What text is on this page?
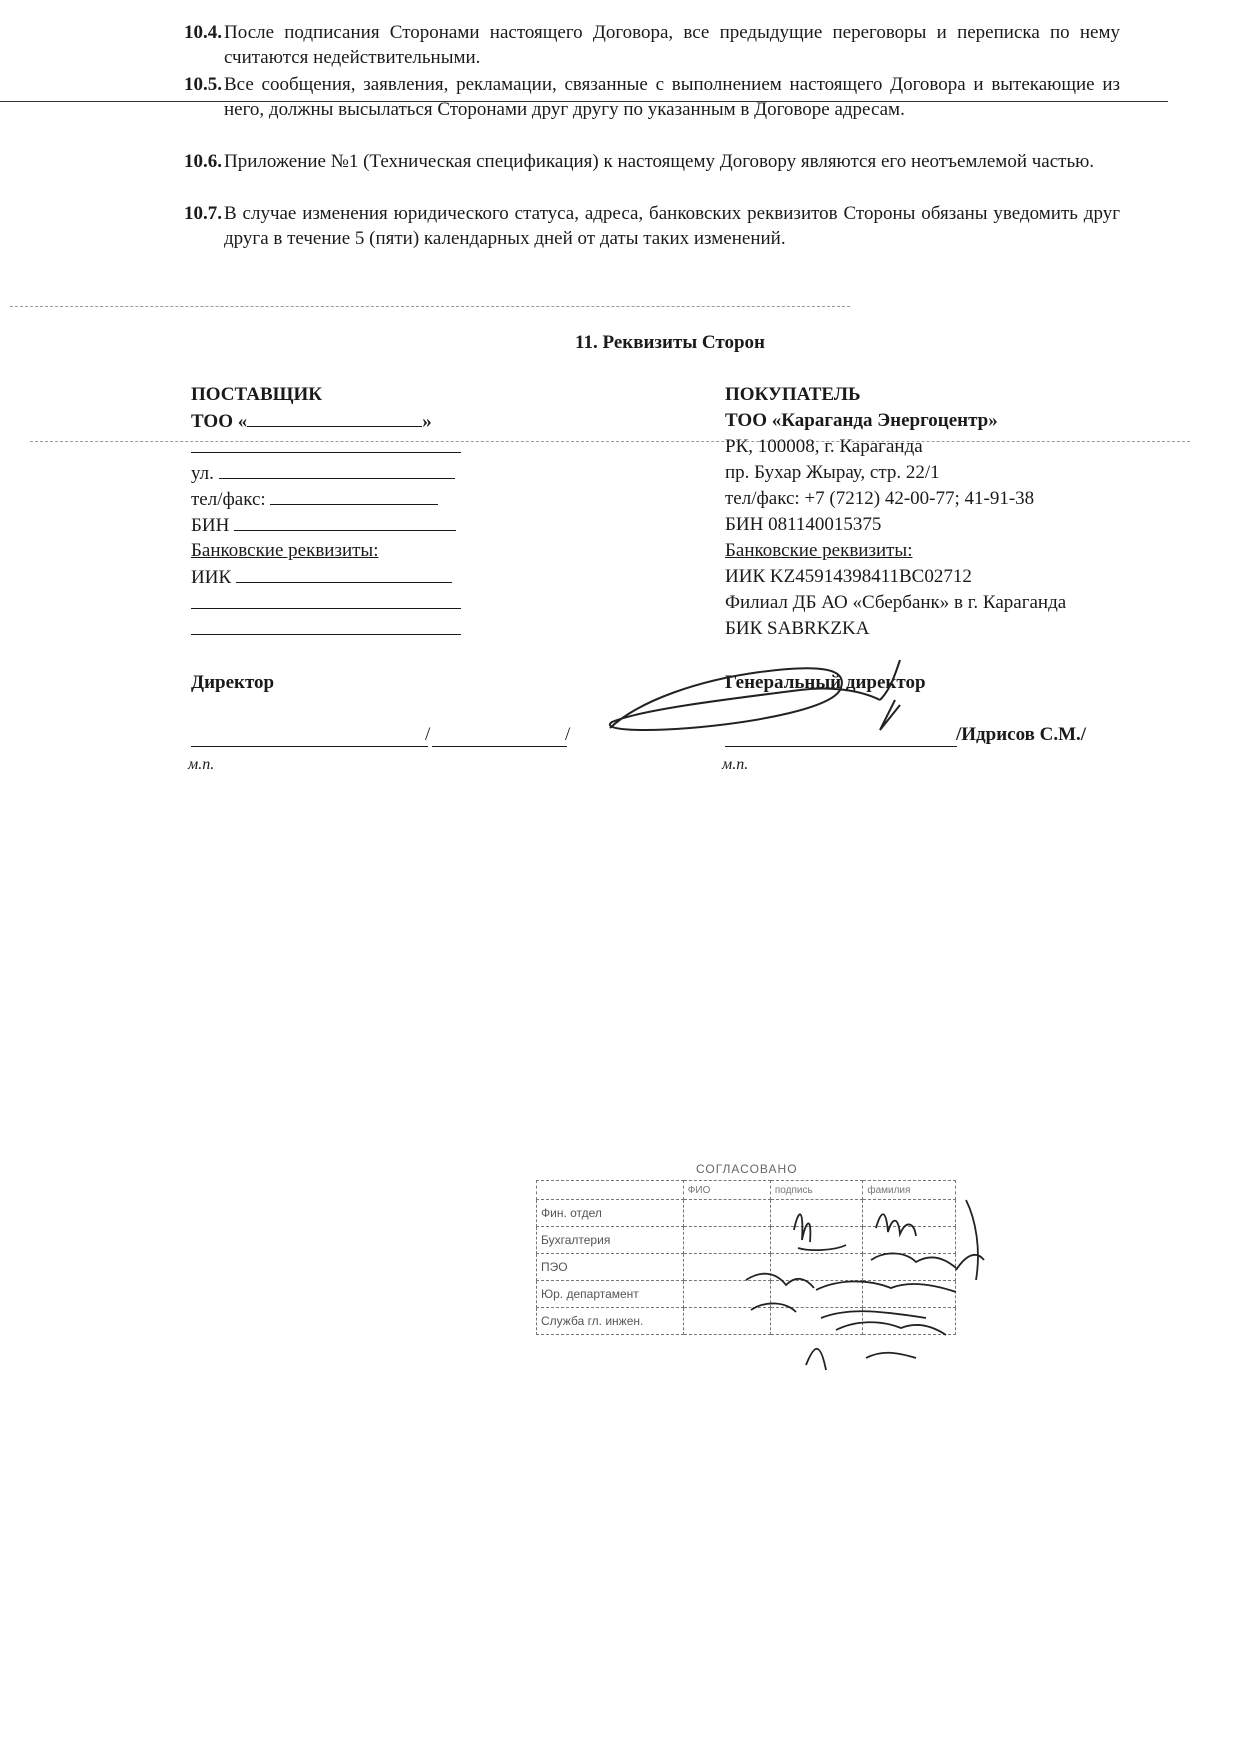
10.4. После подписания Сторонами настоящего Договора, все предыдущие переговоры и переписка по нему считаются недействительными.
10.5. Все сообщения, заявления, рекламации, связанные с выполнением настоящего Договора и вытекающие из него, должны высылаться Сторонами друг другу по указанным в Договоре адресам.
10.6. Приложение №1 (Техническая спецификация) к настоящему Договору являются его неотъемлемой частью.
10.7. В случае изменения юридического статуса, адреса, банковских реквизитов Стороны обязаны уведомить друг друга в течение 5 (пяти) календарных дней от даты таких изменений.
11. Реквизиты Сторон
ПОСТАВЩИК
ТОО «	»
ул.
тел/факс:
БИН
Банковские реквизиты:
ИИК
Директор
/	/
м.п.
ПОКУПАТЕЛЬ
ТОО «Караганда Энергоцентр»
РК, 100008, г. Караганда
пр. Бухар Жырау, стр. 22/1
тел/факс: +7 (7212) 42-00-77; 41-91-38
БИН 081140015375
Банковские реквизиты:
ИИК KZ45914398411BC02712
Филиал ДБ АО «Сбербанк» в г. Караганда
БИК SABRKZKA
Генеральный директор
/Идрисов С.М./
м.п.
СОГЛАСОВАНО
	ФИО	подпись	фамилия
Фин. отдел			
Бухгалтерия			
ПЭО			
Юр. департамент			
Служба гл. инжен.			
